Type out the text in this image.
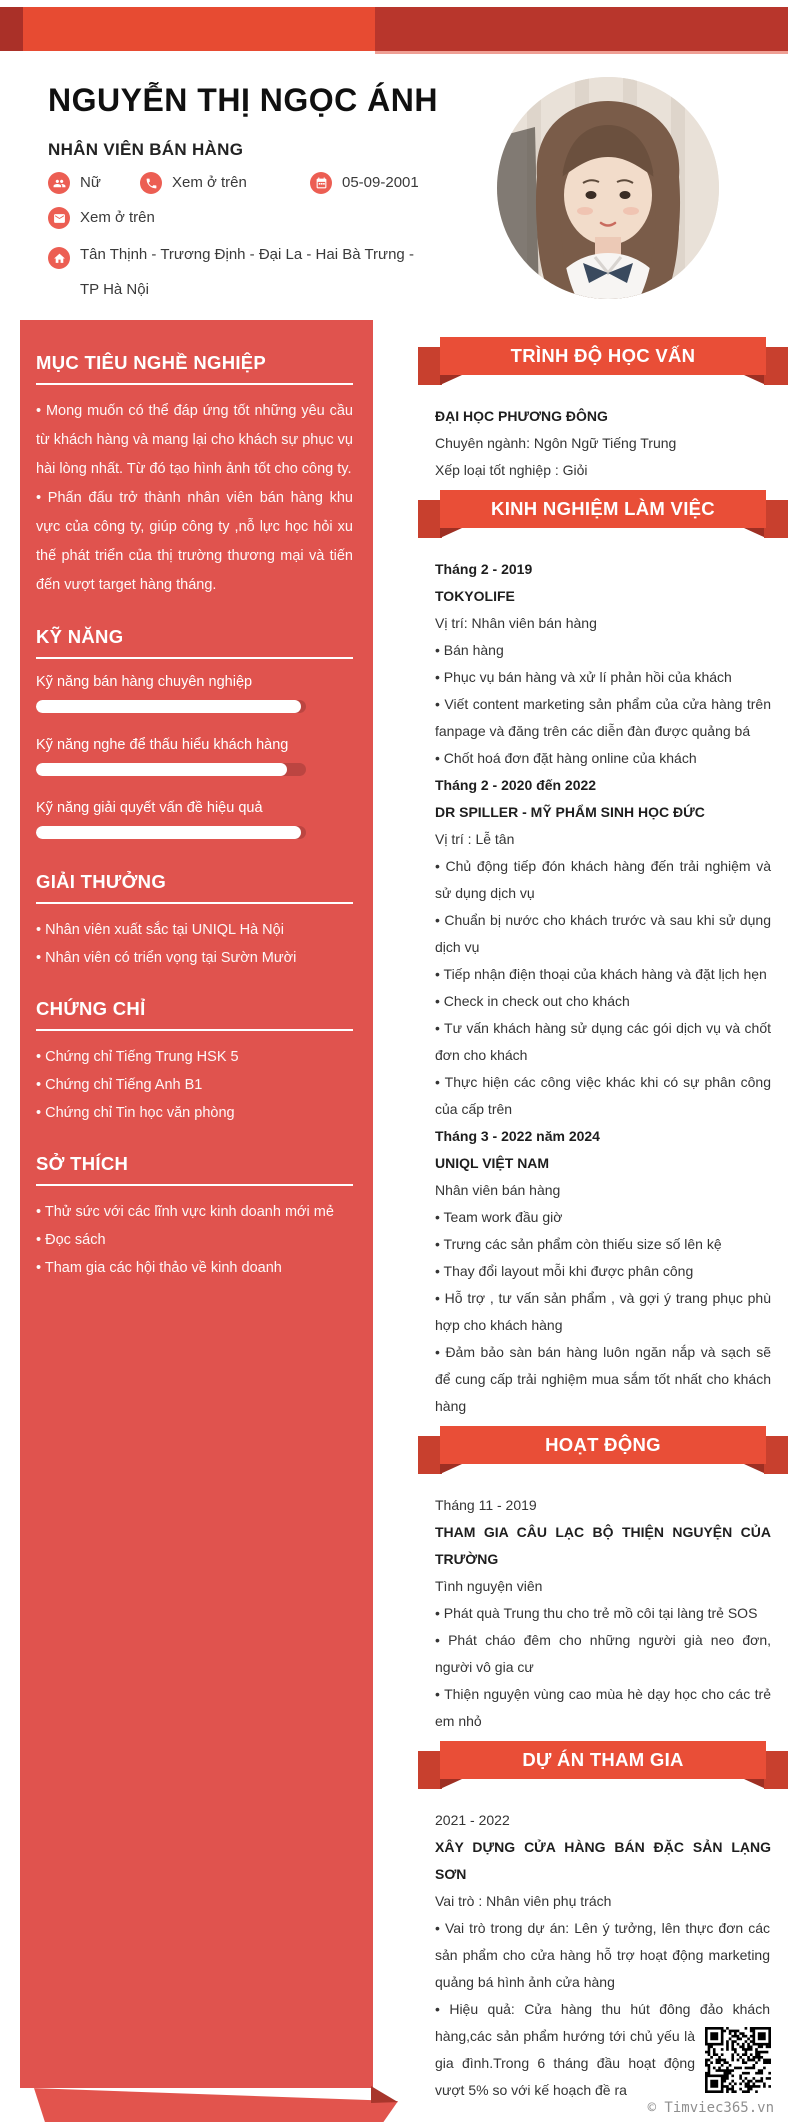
NGUYỄN THỊ NGỌC ÁNH
NHÂN VIÊN BÁN HÀNG
Nữ	Xem ở trên	05-09-2001
Xem ở trên
Tân Thịnh - Trương Định - Đại La - Hai Bà Trưng - TP Hà Nội
MỤC TIÊU NGHỀ NGHIỆP

• Mong muốn có thể đáp ứng tốt những yêu cầu từ khách hàng và mang lại cho khách sự phục vụ hài lòng nhất. Từ đó tạo hình ảnh tốt cho công ty.

• Phấn đấu trở thành nhân viên bán hàng khu vực của công ty, giúp công ty ,nỗ lực học hỏi xu thế phát triển của thị trường thương mại và tiến đến vượt target hàng tháng.

KỸ NĂNG
Kỹ năng bán hàng chuyên nghiệp
Kỹ năng nghe để thấu hiểu khách hàng
Kỹ năng giải quyết vấn đề hiệu quả
GIẢI THƯỞNG
• Nhân viên xuất sắc tại UNIQL Hà Nội
• Nhân viên có triển vọng tại Sườn Mười
CHỨNG CHỈ
• Chứng chỉ Tiếng Trung HSK 5
• Chứng chỉ Tiếng Anh B1
• Chứng chỉ Tin học văn phòng
SỞ THÍCH
• Thử sức với các lĩnh vực kinh doanh mới mẻ
• Đọc sách
• Tham gia các hội thảo về kinh doanh
TRÌNH ĐỘ HỌC VẤN

ĐẠI HỌC PHƯƠNG ĐÔNG

Chuyên ngành: Ngôn Ngữ Tiếng Trung

Xếp loại tốt nghiệp : Giỏi

KINH NGHIỆM LÀM VIỆC

Tháng 2 - 2019

TOKYOLIFE

Vị trí: Nhân viên bán hàng

• Bán hàng

• Phục vụ bán hàng và xử lí phản hồi của khách

• Viết content marketing sản phẩm của cửa hàng trên fanpage và đăng trên các diễn đàn được quảng bá

• Chốt hoá đơn đặt hàng online của khách

Tháng 2 - 2020 đến 2022

DR SPILLER - MỸ PHẨM SINH HỌC ĐỨC

Vị trí : Lễ tân

• Chủ động tiếp đón khách hàng đến trải nghiệm và sử dụng dịch vụ

• Chuẩn bị nước cho khách trước và sau khi sử dụng dịch vụ

• Tiếp nhận điện thoại của khách hàng và đặt lịch hẹn

• Check in check out cho khách

• Tư vấn khách hàng sử dụng các gói dịch vụ và chốt đơn cho khách

• Thực hiện các công việc khác khi có sự phân công của cấp trên

Tháng 3 - 2022 năm 2024

UNIQL VIỆT NAM

Nhân viên bán hàng

• Team work đầu giờ

• Trưng các sản phẩm còn thiếu size số lên kệ

• Thay đổi layout mỗi khi được phân công

• Hỗ trợ , tư vấn sản phẩm , và gợi ý trang phục phù hợp cho khách hàng

• Đảm bảo sàn bán hàng luôn ngăn nắp và sạch sẽ để cung cấp trải nghiệm mua sắm tốt nhất cho khách hàng

HOẠT ĐỘNG

Tháng 11 - 2019

THAM GIA CÂU LẠC BỘ THIỆN NGUYỆN CỦA TRƯỜNG

Tình nguyện viên

• Phát quà Trung thu cho trẻ mồ côi tại làng trẻ SOS

• Phát cháo đêm cho những người già neo đơn, người vô gia cư

• Thiện nguyện vùng cao mùa hè dạy học cho các trẻ em nhỏ

DỰ ÁN THAM GIA

2021 - 2022

XÂY DỰNG CỬA HÀNG BÁN ĐẶC SẢN LẠNG SƠN

Vai trò : Nhân viên phụ trách

• Vai trò trong dự án: Lên ý tưởng, lên thực đơn các sản phẩm cho cửa hàng hỗ trợ hoạt động marketing quảng bá hình ảnh cửa hàng

• Hiệu quả: Cửa hàng thu hút đông đảo khách hàng,các sản phẩm hướng tới chủ yếu là gia đình.Trong 6 tháng đầu hoạt động vượt 5% so với kế hoạch đề ra

© Timviec365.vn
